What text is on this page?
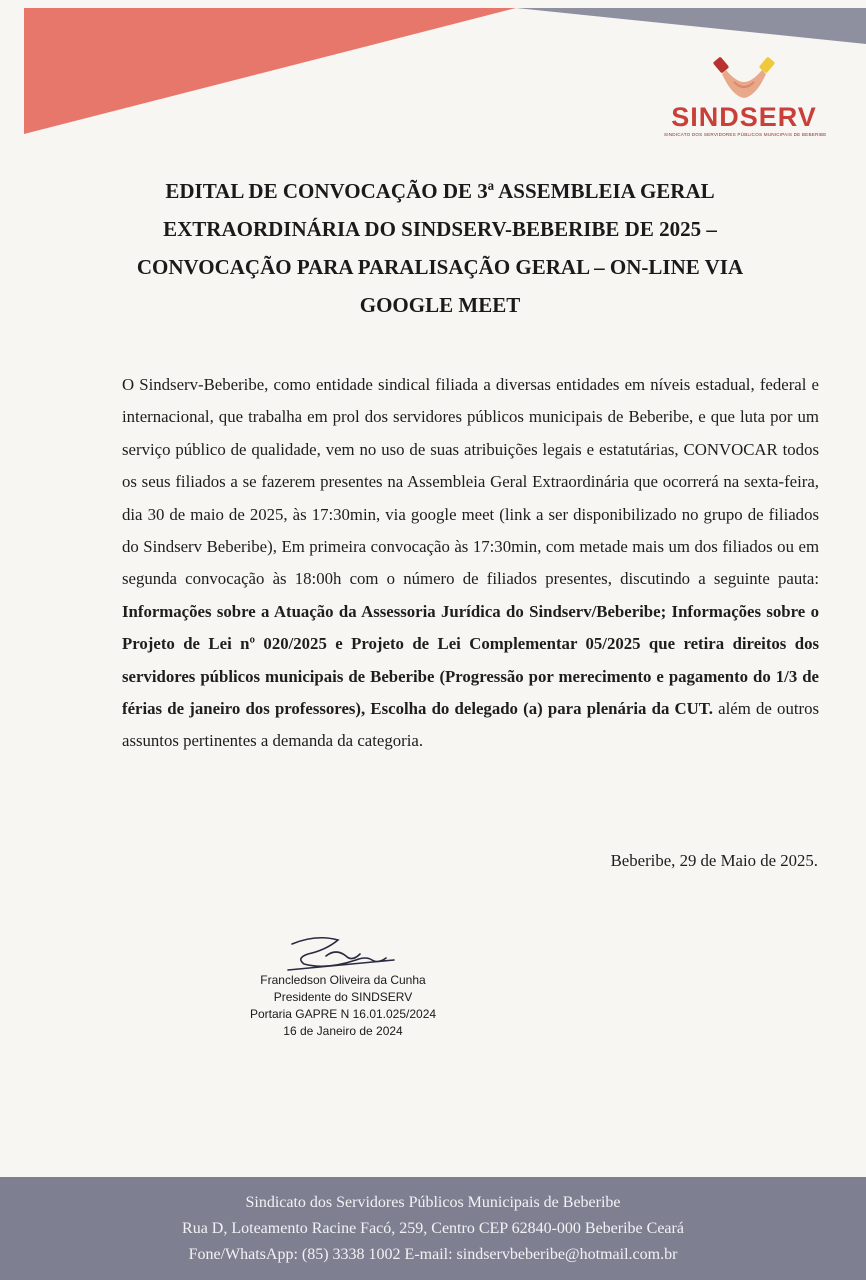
SINDSERV
SINDICATO DOS SERVIDORES PÚBLICOS MUNICIPAIS DE BEBERIBE
EDITAL DE CONVOCAÇÃO DE 3ª ASSEMBLEIA GERAL
EXTRAORDINÁRIA DO SINDSERV-BEBERIBE DE 2025 –
CONVOCAÇÃO PARA PARALISAÇÃO GERAL – ON-LINE VIA
GOOGLE MEET
O Sindserv-Beberibe, como entidade sindical filiada a diversas entidades em níveis estadual, federal e internacional, que trabalha em prol dos servidores públicos municipais de Beberibe, e que luta por um serviço público de qualidade, vem no uso de suas atribuições legais e estatutárias, CONVOCAR todos os seus filiados a se fazerem presentes na Assembleia Geral Extraordinária que ocorrerá na sexta-feira, dia 30 de maio de 2025, às 17:30min, via google meet (link a ser disponibilizado no grupo de filiados do Sindserv Beberibe), Em primeira convocação às 17:30min, com metade mais um dos filiados ou em segunda convocação às 18:00h com o número de filiados presentes, discutindo a seguinte pauta: Informações sobre a Atuação da Assessoria Jurídica do Sindserv/Beberibe; Informações sobre o Projeto de Lei nº 020/2025 e Projeto de Lei Complementar 05/2025 que retira direitos dos servidores públicos municipais de Beberibe (Progressão por merecimento e pagamento do 1/3 de férias de janeiro dos professores), Escolha do delegado (a) para plenária da CUT. além de outros assuntos pertinentes a demanda da categoria.
Beberibe, 29 de Maio de 2025.
Francledson Oliveira da Cunha
Presidente do SINDSERV
Portaria GAPRE N 16.01.025/2024
16 de Janeiro de 2024
Sindicato dos Servidores Públicos Municipais de Beberibe
Rua D, Loteamento Racine Facó, 259, Centro CEP 62840-000 Beberibe Ceará
Fone/WhatsApp: (85) 3338 1002 E-mail: sindservbeberibe@hotmail.com.br
